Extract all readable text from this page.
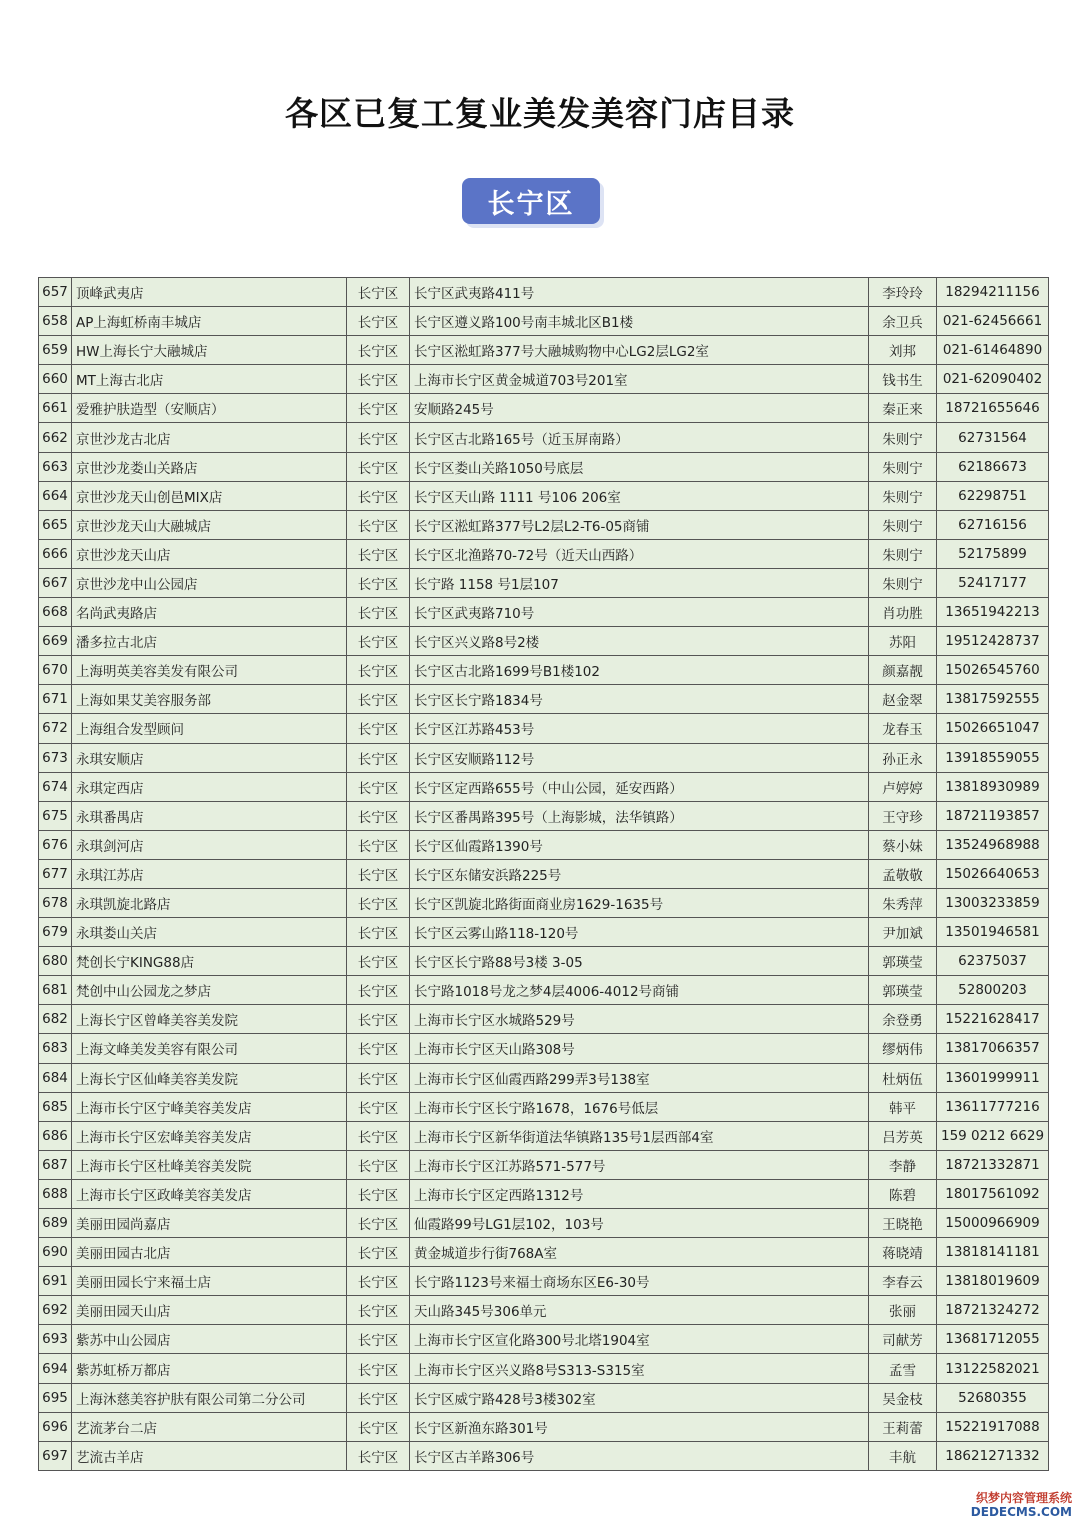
各区已复工复业美发美容门店目录
长宁区
657	顶峰武夷店	长宁区	长宁区武夷路411号	李玲玲	18294211156
658	AP上海虹桥南丰城店	长宁区	长宁区遵义路100号南丰城北区B1楼	余卫兵	021-62456661
659	HW上海长宁大融城店	长宁区	长宁区淞虹路377号大融城购物中心LG2层LG2室	刘邦	021-61464890
660	MT上海古北店	长宁区	上海市长宁区黄金城道703号201室	钱书生	021-62090402
661	爱雅护肤造型（安顺店）	长宁区	安顺路245号	秦正来	18721655646
662	京世沙龙古北店	长宁区	长宁区古北路165号（近玉屏南路）	朱则宁	62731564
663	京世沙龙娄山关路店	长宁区	长宁区娄山关路1050号底层	朱则宁	62186673
664	京世沙龙天山创邑MIX店	长宁区	长宁区天山路 1111 号106 206室	朱则宁	62298751
665	京世沙龙天山大融城店	长宁区	长宁区淞虹路377号L2层L2-T6-05商铺	朱则宁	62716156
666	京世沙龙天山店	长宁区	长宁区北渔路70-72号（近天山西路）	朱则宁	52175899
667	京世沙龙中山公园店	长宁区	长宁路 1158 号1层107	朱则宁	52417177
668	名尚武夷路店	长宁区	长宁区武夷路710号	肖功胜	13651942213
669	潘多拉古北店	长宁区	长宁区兴义路8号2楼	苏阳	19512428737
670	上海明英美容美发有限公司	长宁区	长宁区古北路1699号B1楼102	颜嘉靓	15026545760
671	上海如果艾美容服务部	长宁区	长宁区长宁路1834号	赵金翠	13817592555
672	上海组合发型顾问	长宁区	长宁区江苏路453号	龙春玉	15026651047
673	永琪安顺店	长宁区	长宁区安顺路112号	孙正永	13918559055
674	永琪定西店	长宁区	长宁区定西路655号（中山公园，延安西路）	卢婷婷	13818930989
675	永琪番禺店	长宁区	长宁区番禺路395号（上海影城，法华镇路）	王守珍	18721193857
676	永琪剑河店	长宁区	长宁区仙霞路1390号	蔡小妹	13524968988
677	永琪江苏店	长宁区	长宁区东储安浜路225号	孟敬敬	15026640653
678	永琪凯旋北路店	长宁区	长宁区凯旋北路街面商业房1629-1635号	朱秀萍	13003233859
679	永琪娄山关店	长宁区	长宁区云雾山路118-120号	尹加斌	13501946581
680	梵创长宁KING88店	长宁区	长宁区长宁路88号3楼 3-05	郭瑛莹	62375037
681	梵创中山公园龙之梦店	长宁区	长宁路1018号龙之梦4层4006-4012号商铺	郭瑛莹	52800203
682	上海长宁区曾峰美容美发院	长宁区	上海市长宁区水城路529号	余登勇	15221628417
683	上海文峰美发美容有限公司	长宁区	上海市长宁区天山路308号	缪炳伟	13817066357
684	上海长宁区仙峰美容美发院	长宁区	上海市长宁区仙霞西路299弄3号138室	杜炳伍	13601999911
685	上海市长宁区宁峰美容美发店	长宁区	上海市长宁区长宁路1678，1676号低层	韩平	13611777216
686	上海市长宁区宏峰美容美发店	长宁区	上海市长宁区新华街道法华镇路135号1层西部4室	吕芳英	159 0212 6629
687	上海市长宁区杜峰美容美发院	长宁区	上海市长宁区江苏路571-577号	李静	18721332871
688	上海市长宁区政峰美容美发店	长宁区	上海市长宁区定西路1312号	陈碧	18017561092
689	美丽田园尚嘉店	长宁区	仙霞路99号LG1层102，103号	王晓艳	15000966909
690	美丽田园古北店	长宁区	黄金城道步行街768A室	蒋晓靖	13818141181
691	美丽田园长宁来福士店	长宁区	长宁路1123号来福士商场东区E6-30号	李春云	13818019609
692	美丽田园天山店	长宁区	天山路345号306单元	张丽	18721324272
693	紫苏中山公园店	长宁区	上海市长宁区宣化路300号北塔1904室	司献芳	13681712055
694	紫苏虹桥万都店	长宁区	上海市长宁区兴义路8号S313-S315室	孟雪	13122582021
695	上海沐慈美容护肤有限公司第二分公司	长宁区	长宁区威宁路428号3楼302室	吴金枝	52680355
696	艺流茅台二店	长宁区	长宁区新渔东路301号	王莉蕾	15221917088
697	艺流古羊店	长宁区	长宁区古羊路306号	丰航	18621271332
织梦内容管理系统
DEDECMS.COM
